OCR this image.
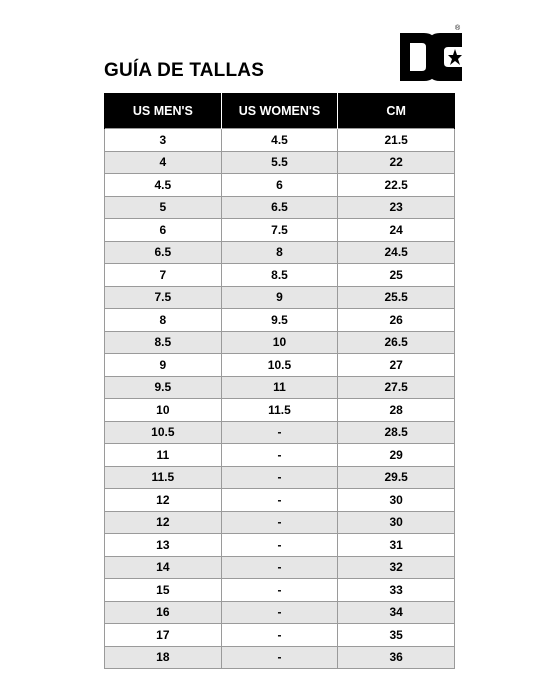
GUÍA DE TALLAS
®
US MEN'S	US WOMEN'S	CM
3	4.5	21.5
4	5.5	22
4.5	6	22.5
5	6.5	23
6	7.5	24
6.5	8	24.5
7	8.5	25
7.5	9	25.5
8	9.5	26
8.5	10	26.5
9	10.5	27
9.5	11	27.5
10	11.5	28
10.5	-	28.5
11	-	29
11.5	-	29.5
12	-	30
12	-	30
13	-	31
14	-	32
15	-	33
16	-	34
17	-	35
18	-	36
